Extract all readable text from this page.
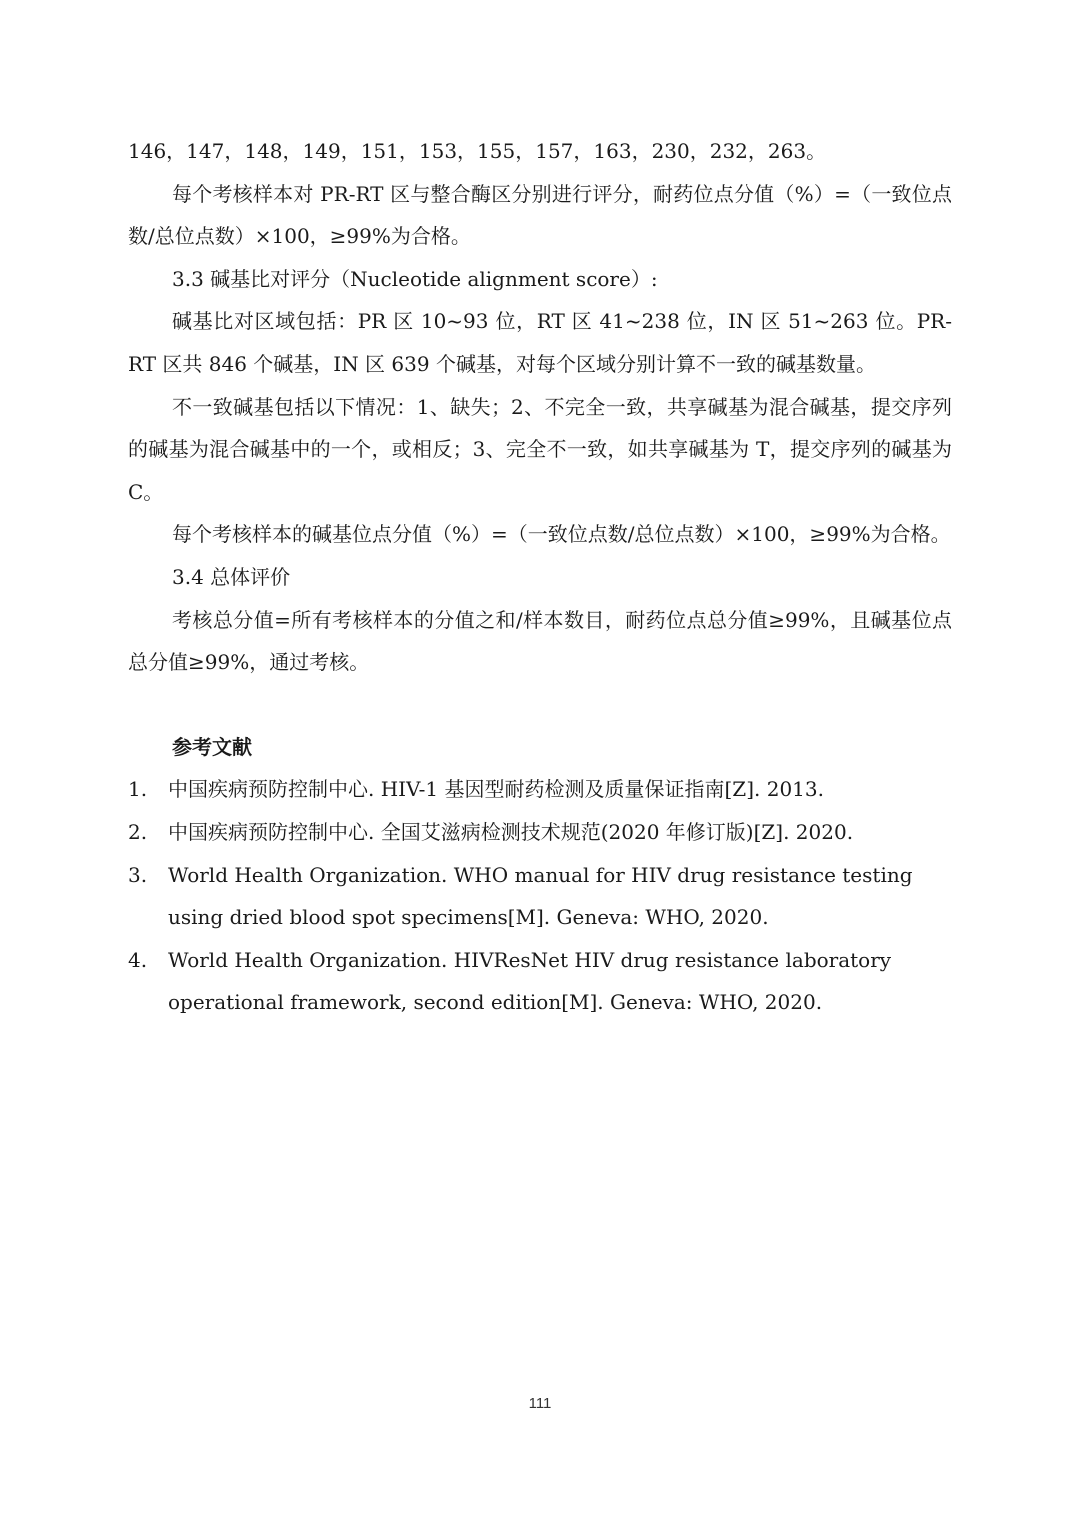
146，147，148，149，151，153，155，157，163，230，232，263。

每个考核样本对 PR-RT 区与整合酶区分别进行评分，耐药位点分值（%）=（一致位点数/总位点数）×100，≥99%为合格。

3.3 碱基比对评分（Nucleotide alignment score）:

碱基比对区域包括：PR 区 10~93 位，RT 区 41~238 位，IN 区 51~263 位。PR-RT 区共 846 个碱基，IN 区 639 个碱基，对每个区域分别计算不一致的碱基数量。

不一致碱基包括以下情况：1、缺失；2、不完全一致，共享碱基为混合碱基，提交序列的碱基为混合碱基中的一个，或相反；3、完全不一致，如共享碱基为 T，提交序列的碱基为 C。

每个考核样本的碱基位点分值（%）=（一致位点数/总位点数）×100，≥99%为合格。

3.4 总体评价

考核总分值=所有考核样本的分值之和/样本数目，耐药位点总分值≥99%，且碱基位点总分值≥99%，通过考核。

参考文献

1.	中国疾病预防控制中心. HIV-1 基因型耐药检测及质量保证指南[Z]. 2013.
2.	中国疾病预防控制中心. 全国艾滋病检测技术规范(2020 年修订版)[Z]. 2020.
3.	World Health Organization. WHO manual for HIV drug resistance testing using dried blood spot specimens[M]. Geneva: WHO, 2020.
4.	World Health Organization. HIVResNet HIV drug resistance laboratory operational framework, second edition[M]. Geneva: WHO, 2020.
111
